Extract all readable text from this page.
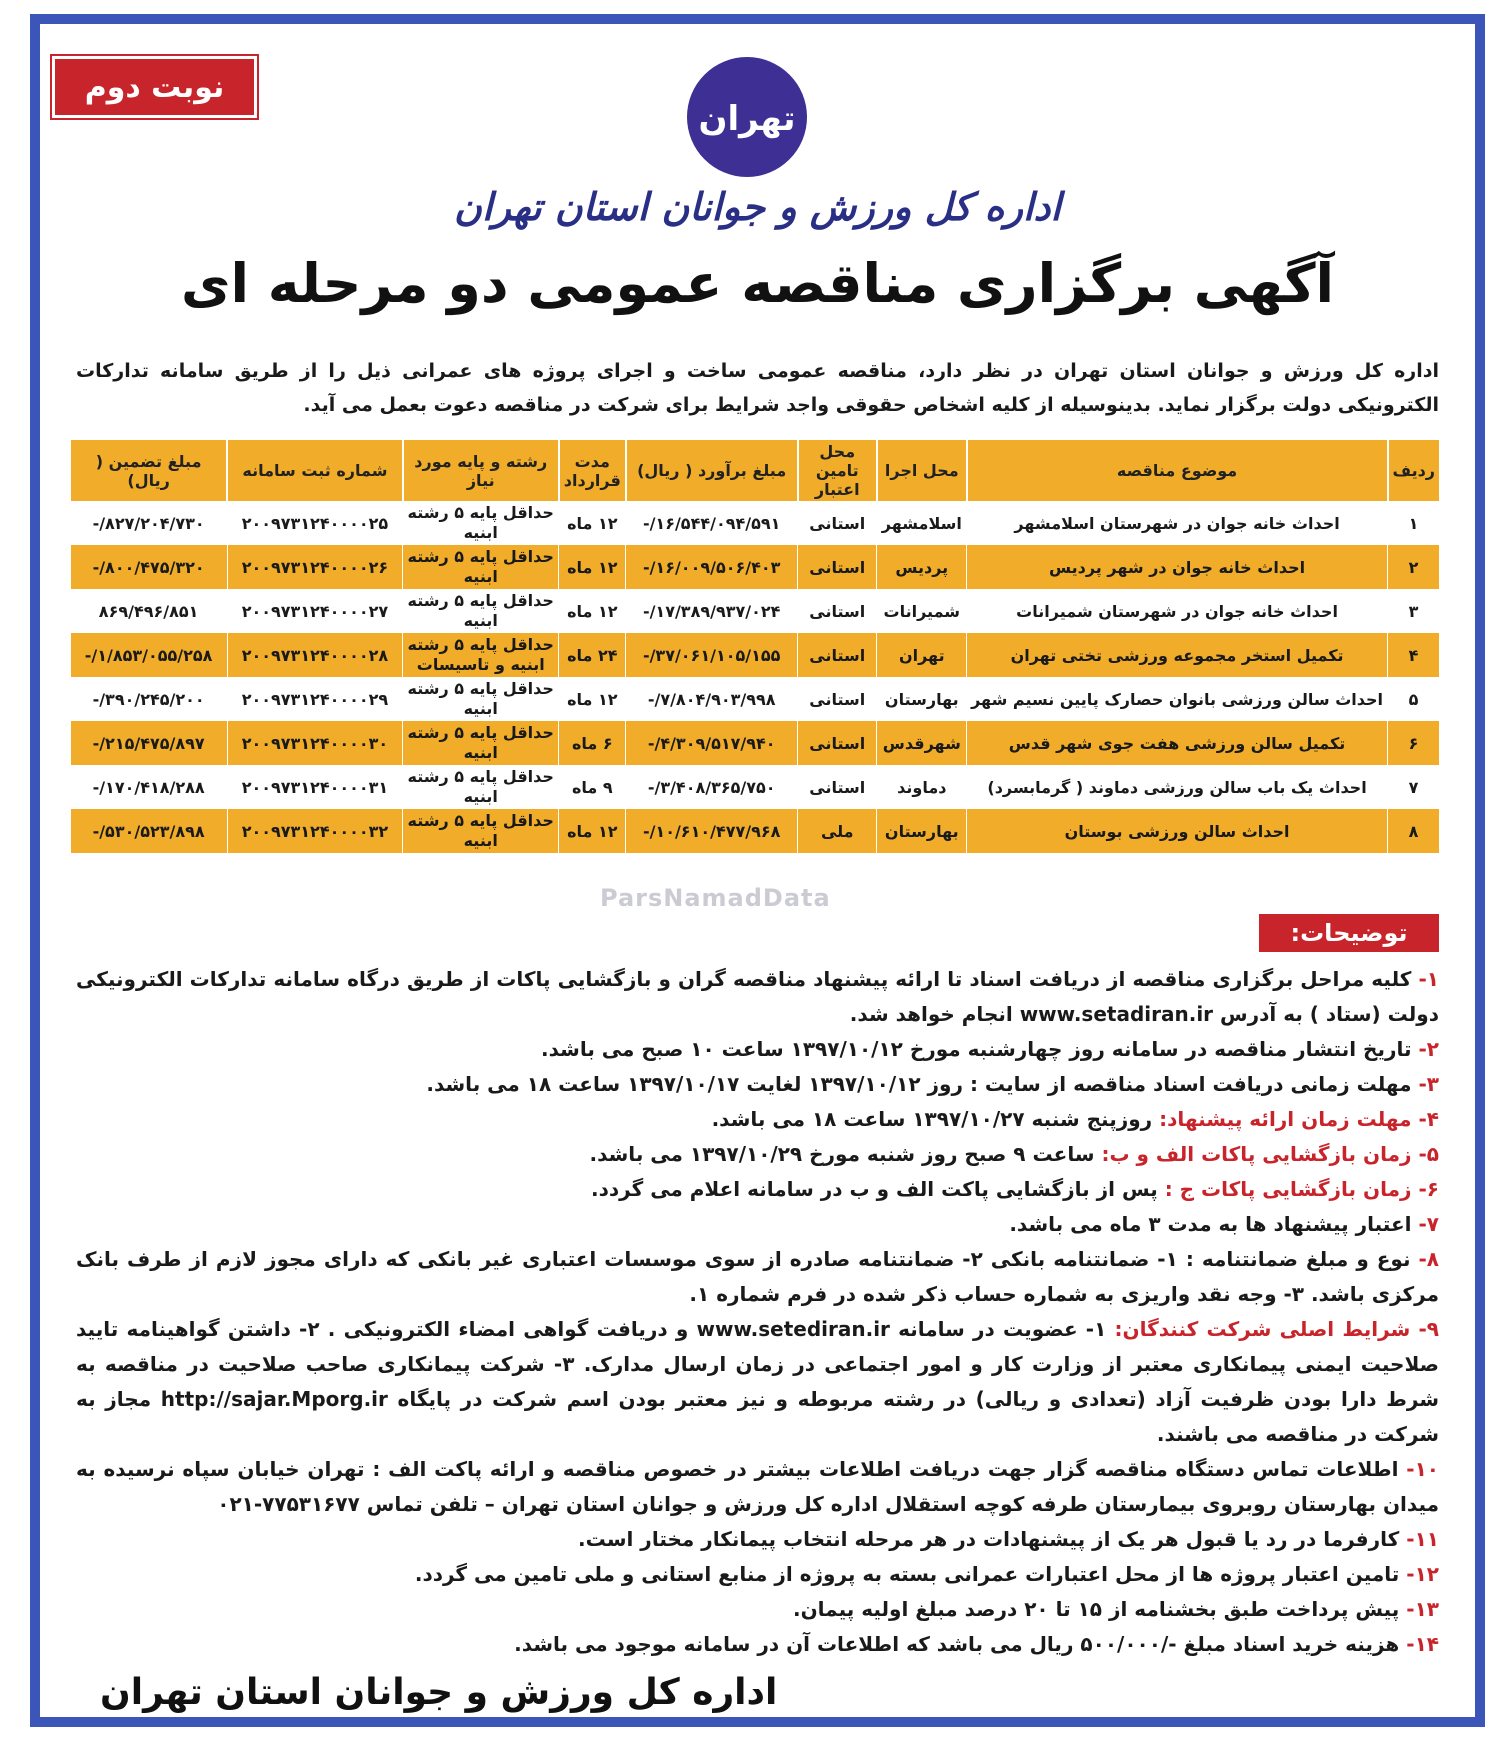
نوبت دوم
تهران
اداره کل ورزش و جوانان استان تهران
آگهی برگزاری مناقصه عمومی دو مرحله ای
اداره کل ورزش و جوانان استان تهران در نظر دارد، مناقصه عمومی ساخت و اجرای پروژه های عمرانی ذیل را از طریق سامانه تدارکات الکترونیکی دولت برگزار نماید. بدینوسیله از کلیه اشخاص حقوقی واجد شرایط برای شرکت در مناقصه دعوت بعمل می آید.
ردیف	موضوع مناقصه	محل اجرا	محل تامین اعتبار	مبلغ برآورد ( ریال)	مدت قرارداد	رشته و پایه مورد نیاز	شماره ثبت سامانه	مبلغ تضمین ( ریال)
۱	احداث خانه جوان در شهرستان اسلامشهر	اسلامشهر	استانی	۱۶/۵۴۴/۰۹۴/۵۹۱/-	۱۲ ماه	حداقل پایه ۵ رشته ابنیه	۲۰۰۹۷۳۱۲۴۰۰۰۰۲۵	۸۲۷/۲۰۴/۷۳۰/-
۲	احداث خانه جوان در شهر پردیس	پردیس	استانی	۱۶/۰۰۹/۵۰۶/۴۰۳/-	۱۲ ماه	حداقل پایه ۵ رشته ابنیه	۲۰۰۹۷۳۱۲۴۰۰۰۰۲۶	۸۰۰/۴۷۵/۳۲۰/-
۳	احداث خانه جوان در شهرستان شمیرانات	شمیرانات	استانی	۱۷/۳۸۹/۹۳۷/۰۲۴/-	۱۲ ماه	حداقل پایه ۵ رشته ابنیه	۲۰۰۹۷۳۱۲۴۰۰۰۰۲۷	۸۶۹/۴۹۶/۸۵۱
۴	تکمیل استخر مجموعه ورزشی تختی تهران	تهران	استانی	۳۷/۰۶۱/۱۰۵/۱۵۵/-	۲۴ ماه	حداقل پایه ۵ رشته ابنیه و تاسیسات	۲۰۰۹۷۳۱۲۴۰۰۰۰۲۸	۱/۸۵۳/۰۵۵/۲۵۸/-
۵	احداث سالن ورزشی بانوان حصارک پایین نسیم شهر	بهارستان	استانی	۷/۸۰۴/۹۰۳/۹۹۸/-	۱۲ ماه	حداقل پایه ۵ رشته ابنیه	۲۰۰۹۷۳۱۲۴۰۰۰۰۲۹	۳۹۰/۲۴۵/۲۰۰/-
۶	تکمیل سالن ورزشی هفت جوی شهر قدس	شهرقدس	استانی	۴/۳۰۹/۵۱۷/۹۴۰/-	۶ ماه	حداقل پایه ۵ رشته ابنیه	۲۰۰۹۷۳۱۲۴۰۰۰۰۳۰	۲۱۵/۴۷۵/۸۹۷/-
۷	احداث یک باب سالن ورزشی دماوند ( گرمابسرد)	دماوند	استانی	۳/۴۰۸/۳۶۵/۷۵۰/-	۹ ماه	حداقل پایه ۵ رشته ابنیه	۲۰۰۹۷۳۱۲۴۰۰۰۰۳۱	۱۷۰/۴۱۸/۲۸۸/-
۸	احداث سالن ورزشی بوستان	بهارستان	ملی	۱۰/۶۱۰/۴۷۷/۹۶۸/-	۱۲ ماه	حداقل پایه ۵ رشته ابنیه	۲۰۰۹۷۳۱۲۴۰۰۰۰۳۲	۵۳۰/۵۲۳/۸۹۸/-
ParsNamadData
توضیحات:
۱- کلیه مراحل برگزاری مناقصه از دریافت اسناد تا ارائه پیشنهاد مناقصه گران و بازگشایی پاکات از طریق درگاه سامانه تدارکات الکترونیکی دولت (ستاد ) به آدرس www.setadiran.ir انجام خواهد شد.
۲- تاریخ انتشار مناقصه در سامانه روز چهارشنبه مورخ ۱۳۹۷/۱۰/۱۲ ساعت ۱۰ صبح می باشد.
۳- مهلت زمانی دریافت اسناد مناقصه از سایت : روز ۱۳۹۷/۱۰/۱۲ لغایت ۱۳۹۷/۱۰/۱۷ ساعت ۱۸ می باشد.
۴- مهلت زمان ارائه پیشنهاد: روزپنج شنبه ۱۳۹۷/۱۰/۲۷ ساعت ۱۸ می باشد.
۵- زمان بازگشایی پاکات الف و ب: ساعت ۹ صبح روز شنبه مورخ ۱۳۹۷/۱۰/۲۹ می باشد.
۶- زمان بازگشایی پاکات ج : پس از بازگشایی پاکت الف و ب در سامانه اعلام می گردد.
۷- اعتبار پیشنهاد ها به مدت ۳ ماه می باشد.
۸- نوع و مبلغ ضمانتنامه : ۱- ضمانتنامه بانکی ۲- ضمانتنامه صادره از سوی موسسات اعتباری غیر بانکی که دارای مجوز لازم از طرف بانک مرکزی باشد. ۳- وجه نقد واریزی به شماره حساب ذکر شده در فرم شماره ۱.
۹- شرایط اصلی شرکت کنندگان: ۱- عضویت در سامانه www.setediran.ir و دریافت گواهی امضاء الکترونیکی . ۲- داشتن گواهینامه تایید صلاحیت ایمنی پیمانکاری معتبر از وزارت کار و امور اجتماعی در زمان ارسال مدارک. ۳- شرکت پیمانکاری صاحب صلاحیت در مناقصه به شرط دارا بودن ظرفیت آزاد (تعدادی و ریالی) در رشته مربوطه و نیز معتبر بودن اسم شرکت در پایگاه http://sajar.Mporg.ir مجاز به شرکت در مناقصه می باشند.
۱۰- اطلاعات تماس دستگاه مناقصه گزار جهت دریافت اطلاعات بیشتر در خصوص مناقصه و ارائه پاکت الف : تهران خیابان سپاه نرسیده به میدان بهارستان روبروی بیمارستان طرفه کوچه استقلال اداره کل ورزش و جوانان استان تهران – تلفن تماس ۷۷۵۳۱۶۷۷-۰۲۱
۱۱- کارفرما در رد یا قبول هر یک از پیشنهادات در هر مرحله انتخاب پیمانکار مختار است.
۱۲- تامین اعتبار پروژه ها از محل اعتبارات عمرانی بسته به پروژه از منابع استانی و ملی تامین می گردد.
۱۳- پیش پرداخت طبق بخشنامه از ۱۵ تا ۲۰ درصد مبلغ اولیه پیمان.
۱۴- هزینه خرید اسناد مبلغ -/۵۰۰/۰۰۰ ریال می باشد که اطلاعات آن در سامانه موجود می باشد.
اداره کل ورزش و جوانان استان تهران
